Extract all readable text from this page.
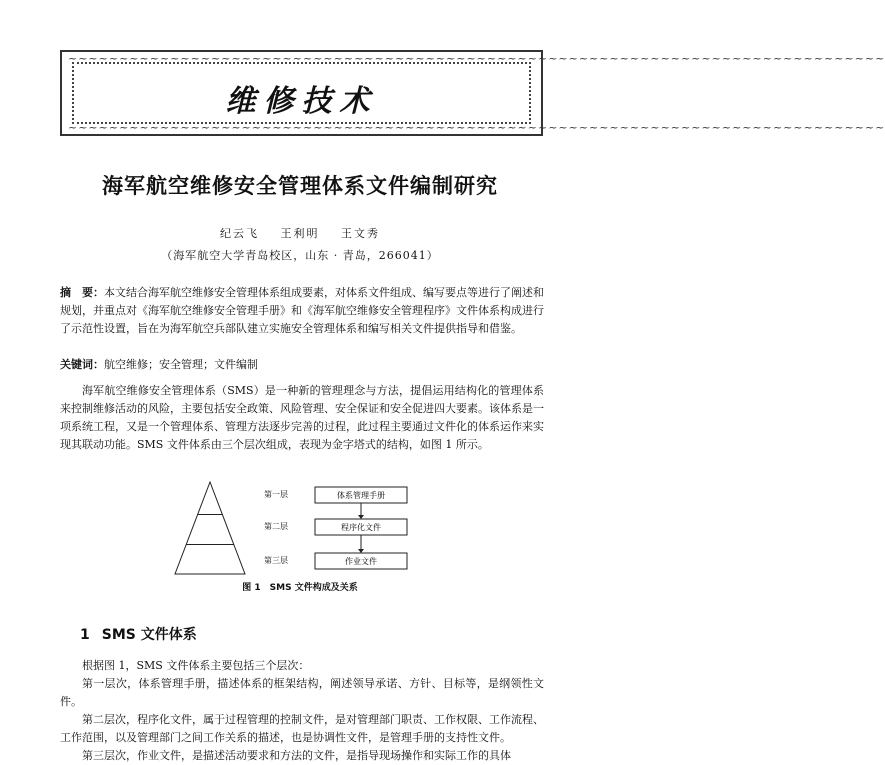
~~~~~~~~~~~~~~~~~~~~~~~~~~~~~~~~~~~~~~~~~~~~~~~~~~~~~~~~~~~~~~~~~~~~~~~~~~~~~~~~
~~~~~~~~~~~~~~~~~~~~~~~~~~~~~~~~~~~~~~~~~~~~~~~~~~~~~~~~~~~~~~~~~~~~~~~~~~~~~~~~
维修技术
海军航空维修安全管理体系文件编制研究
纪云飞 王利明 王文秀
（海军航空大学青岛校区，山东 · 青岛，266041）
摘　要：本文结合海军航空维修安全管理体系组成要素，对体系文件组成、编写要点等进行了阐述和规划，并重点对《海军航空维修安全管理手册》和《海军航空维修安全管理程序》文件体系构成进行了示范性设置，旨在为海军航空兵部队建立实施安全管理体系和编写相关文件提供指导和借鉴。
关键词：航空维修；安全管理；文件编制
海军航空维修安全管理体系（SMS）是一种新的管理理念与方法，提倡运用结构化的管理体系来控制维修活动的风险，主要包括安全政策、风险管理、安全保证和安全促进四大要素。该体系是一项系统工程，又是一个管理体系、管理方法逐步完善的过程，此过程主要通过文件化的体系运作来实现其联动功能。SMS 文件体系由三个层次组成，表现为金字塔式的结构，如图 1 所示。
第一层
第二层
第三层
体系管理手册
程序化文件
作业文件
图 1　SMS 文件构成及关系
1 SMS 文件体系

根据图 1，SMS 文件体系主要包括三个层次：

第一层次，体系管理手册，描述体系的框架结构，阐述领导承诺、方针、目标等，是纲领性文件。

第二层次，程序化文件，属于过程管理的控制文件，是对管理部门职责、工作权限、工作流程、工作范围，以及管理部门之间工作关系的描述，也是协调性文件，是管理手册的支持性文件。

第三层次，作业文件，是描述活动要求和方法的文件，是指导现场操作和实际工作的具体
